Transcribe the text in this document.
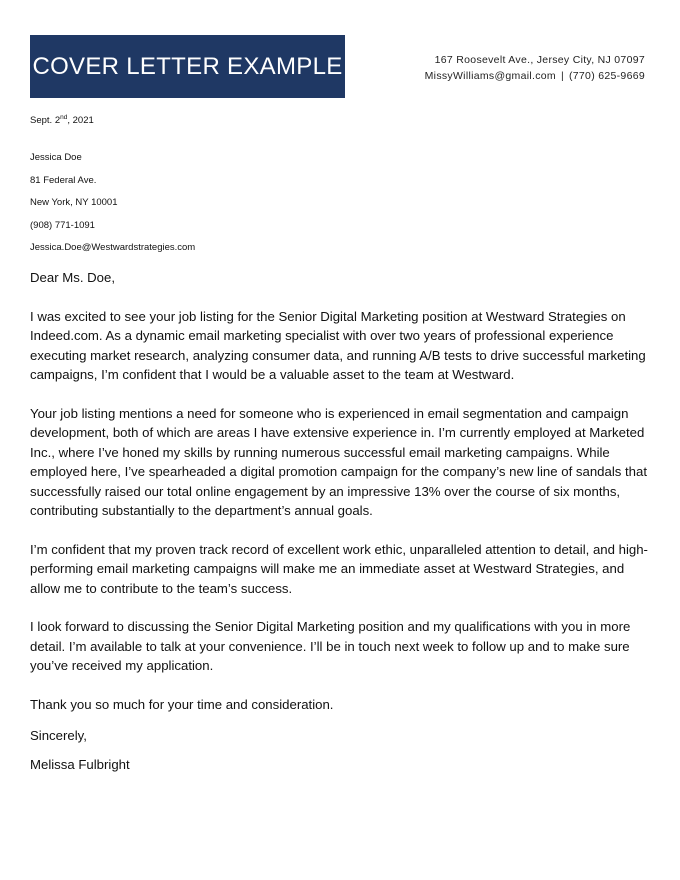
COVER LETTER EXAMPLE	167 Roosevelt Ave., Jersey City, NJ 07097
MissyWilliams@gmail.com | (770) 625-9669
Sept. 2nd, 2021
Jessica Doe
81 Federal Ave.
New York, NY 10001
(908) 771-1091
Jessica.Doe@Westwardstrategies.com

Dear Ms. Doe,

I was excited to see your job listing for the Senior Digital Marketing position at Westward Strategies on Indeed.com. As a dynamic email marketing specialist with over two years of professional experience executing market research, analyzing consumer data, and running A/B tests to drive successful marketing campaigns, I’m confident that I would be a valuable asset to the team at Westward.

Your job listing mentions a need for someone who is experienced in email segmentation and campaign development, both of which are areas I have extensive experience in. I’m currently employed at Marketed Inc., where I’ve honed my skills by running numerous successful email marketing campaigns. While employed here, I’ve spearheaded a digital promotion campaign for the company’s new line of sandals that successfully raised our total online engagement by an impressive 13% over the course of six months, contributing substantially to the department’s annual goals.

I’m confident that my proven track record of excellent work ethic, unparalleled attention to detail, and high-performing email marketing campaigns will make me an immediate asset at Westward Strategies, and allow me to contribute to the team’s success.

I look forward to discussing the Senior Digital Marketing position and my qualifications with you in more detail. I’m available to talk at your convenience. I’ll be in touch next week to follow up and to make sure you’ve received my application.

Thank you so much for your time and consideration.

Sincerely,

Melissa Fulbright
